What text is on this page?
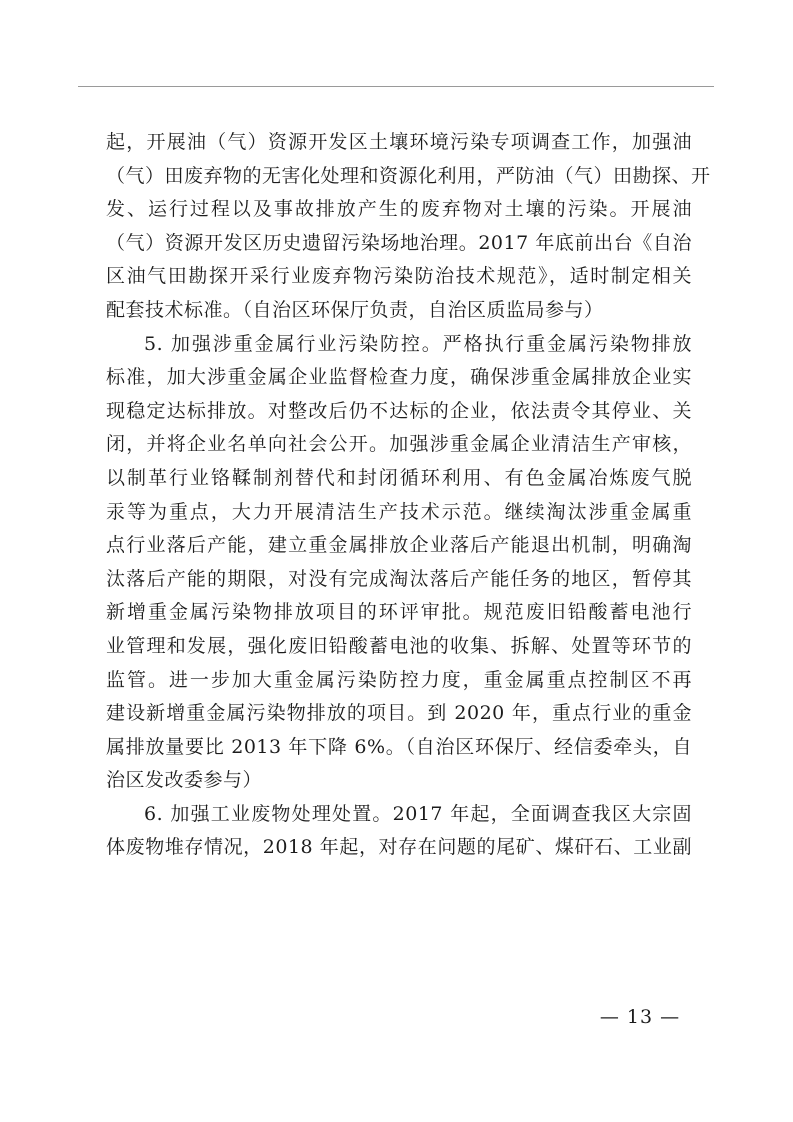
起，开展油（气）资源开发区土壤环境污染专项调查工作，加强油
（气）田废弃物的无害化处理和资源化利用，严防油（气）田勘探、开
发、运行过程以及事故排放产生的废弃物对土壤的污染。开展油
（气）资源开发区历史遗留污染场地治理。2017 年底前出台《自治
区油气田勘探开采行业废弃物污染防治技术规范》，适时制定相关
配套技术标准。（自治区环保厅负责，自治区质监局参与）
5. 加强涉重金属行业污染防控。严格执行重金属污染物排放
标准，加大涉重金属企业监督检查力度，确保涉重金属排放企业实
现稳定达标排放。对整改后仍不达标的企业，依法责令其停业、关
闭，并将企业名单向社会公开。加强涉重金属企业清洁生产审核，
以制革行业铬鞣制剂替代和封闭循环利用、有色金属冶炼废气脱
汞等为重点，大力开展清洁生产技术示范。继续淘汰涉重金属重
点行业落后产能，建立重金属排放企业落后产能退出机制，明确淘
汰落后产能的期限，对没有完成淘汰落后产能任务的地区，暂停其
新增重金属污染物排放项目的环评审批。规范废旧铅酸蓄电池行
业管理和发展，强化废旧铅酸蓄电池的收集、拆解、处置等环节的
监管。进一步加大重金属污染防控力度，重金属重点控制区不再
建设新增重金属污染物排放的项目。到 2020 年，重点行业的重金
属排放量要比 2013 年下降 6%。（自治区环保厅、经信委牵头，自
治区发改委参与）
6. 加强工业废物处理处置。2017 年起，全面调查我区大宗固
体废物堆存情况，2018 年起，对存在问题的尾矿、煤矸石、工业副
— 13 —
